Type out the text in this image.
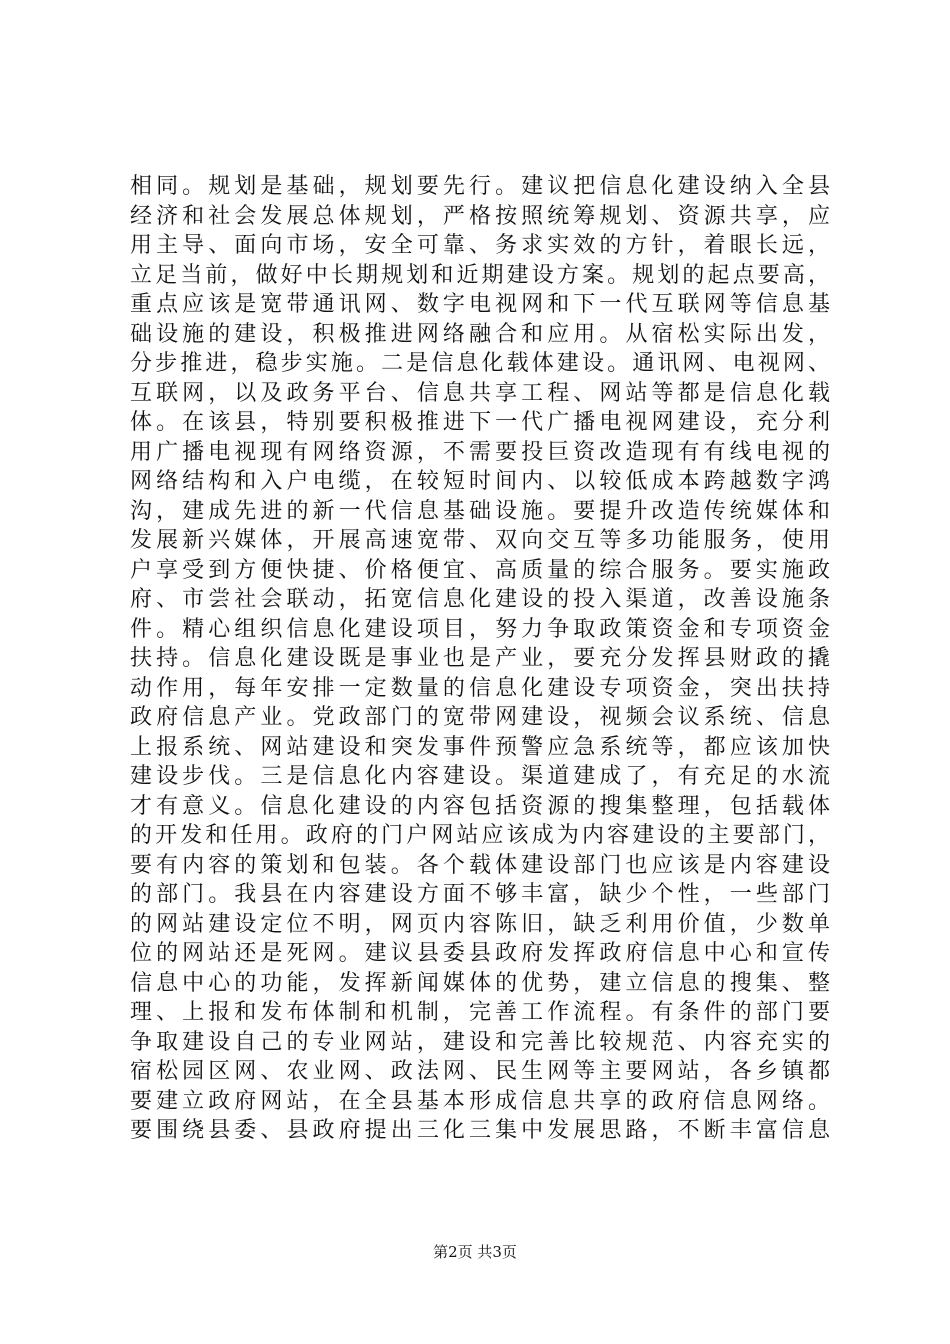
相同。规划是基础，规划要先行。建议把信息化建设纳入全县
经济和社会发展总体规划，严格按照统筹规划、资源共享，应
用主导、面向市场，安全可靠、务求实效的方针，着眼长远，
立足当前，做好中长期规划和近期建设方案。规划的起点要高，
重点应该是宽带通讯网、数字电视网和下一代互联网等信息基
础设施的建设，积极推进网络融合和应用。从宿松实际出发，
分步推进，稳步实施。二是信息化载体建设。通讯网、电视网、
互联网，以及政务平台、信息共享工程、网站等都是信息化载
体。在该县，特别要积极推进下一代广播电视网建设，充分利
用广播电视现有网络资源，不需要投巨资改造现有有线电视的
网络结构和入户电缆，在较短时间内、以较低成本跨越数字鸿
沟，建成先进的新一代信息基础设施。要提升改造传统媒体和
发展新兴媒体，开展高速宽带、双向交互等多功能服务，使用
户享受到方便快捷、价格便宜、高质量的综合服务。要实施政
府、市尝社会联动，拓宽信息化建设的投入渠道，改善设施条
件。精心组织信息化建设项目，努力争取政策资金和专项资金
扶持。信息化建设既是事业也是产业，要充分发挥县财政的撬
动作用，每年安排一定数量的信息化建设专项资金，突出扶持
政府信息产业。党政部门的宽带网建设，视频会议系统、信息
上报系统、网站建设和突发事件预警应急系统等，都应该加快
建设步伐。三是信息化内容建设。渠道建成了，有充足的水流
才有意义。信息化建设的内容包括资源的搜集整理，包括载体
的开发和任用。政府的门户网站应该成为内容建设的主要部门，
要有内容的策划和包装。各个载体建设部门也应该是内容建设
的部门。我县在内容建设方面不够丰富，缺少个性，一些部门
的网站建设定位不明，网页内容陈旧，缺乏利用价值，少数单
位的网站还是死网。建议县委县政府发挥政府信息中心和宣传
信息中心的功能，发挥新闻媒体的优势，建立信息的搜集、整
理、上报和发布体制和机制，完善工作流程。有条件的部门要
争取建设自己的专业网站，建设和完善比较规范、内容充实的
宿松园区网、农业网、政法网、民生网等主要网站，各乡镇都
要建立政府网站，在全县基本形成信息共享的政府信息网络。
要围绕县委、县政府提出三化三集中发展思路，不断丰富信息
第2页 共3页
